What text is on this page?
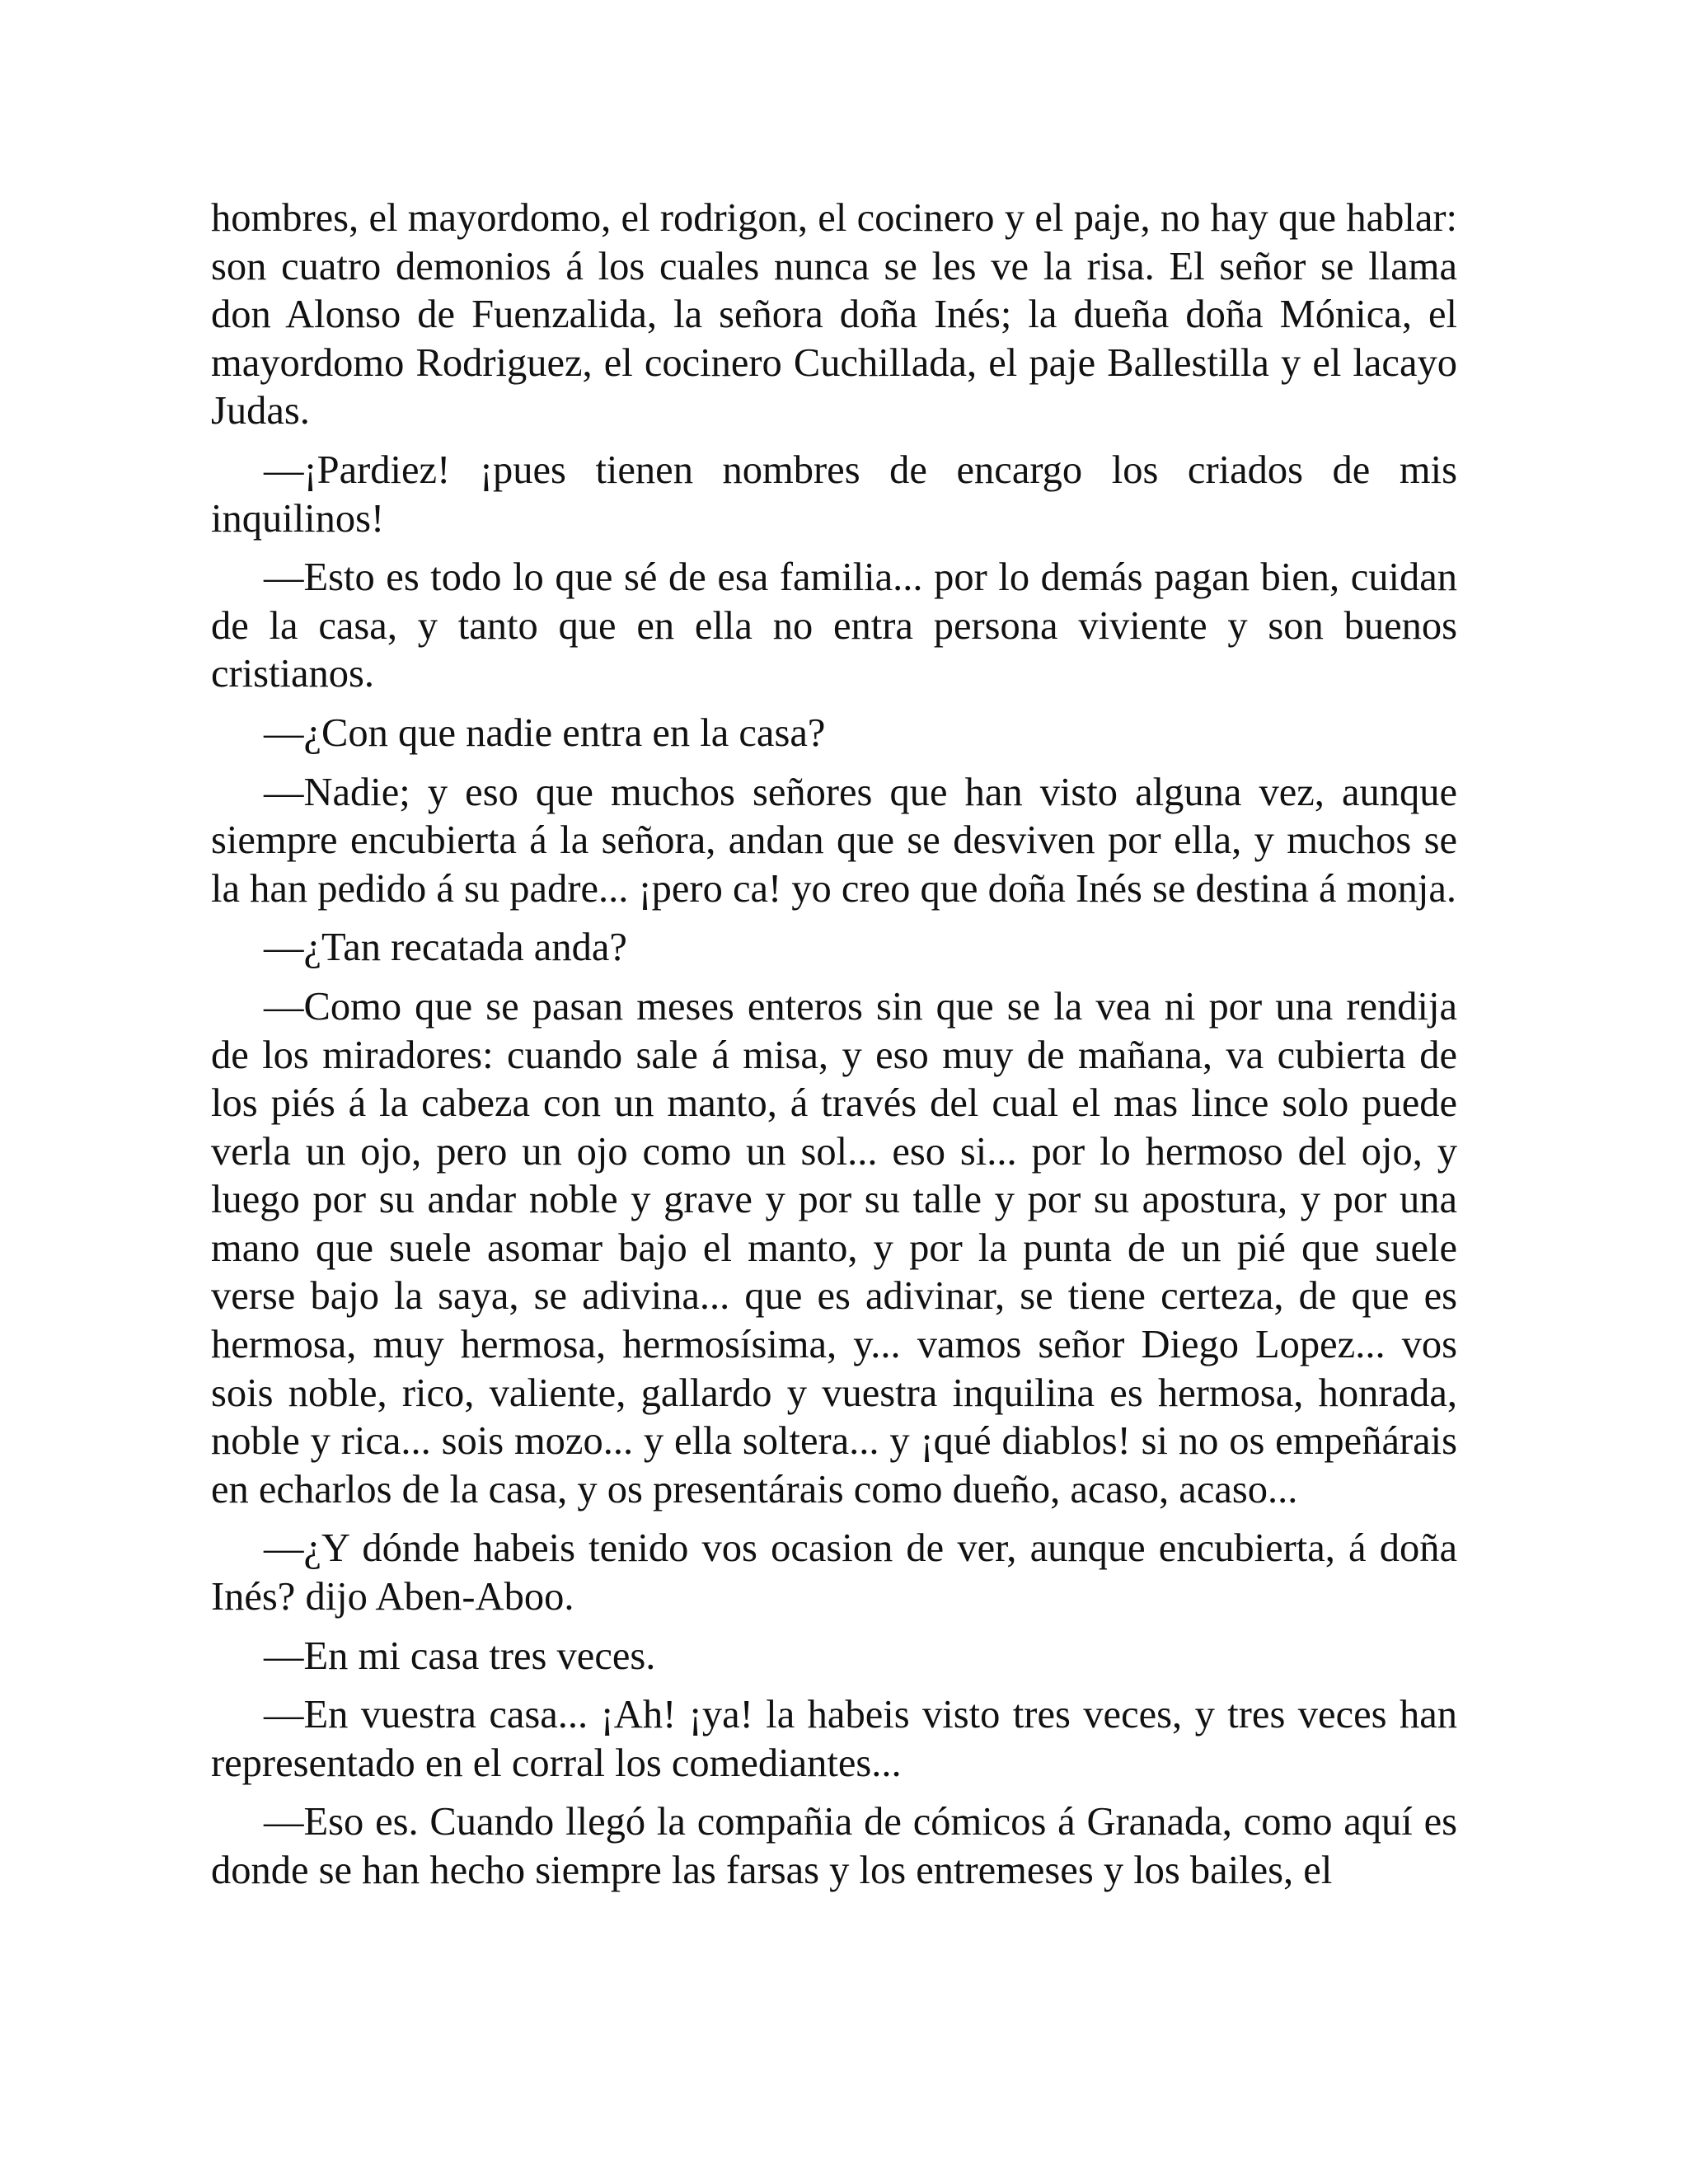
hombres, el mayordomo, el rodrigon, el cocinero y el paje, no hay que hablar: son cuatro demonios á los cuales nunca se les ve la risa. El señor se llama don Alonso de Fuenzalida, la señora doña Inés; la dueña doña Mónica, el mayordomo Rodriguez, el cocinero Cuchillada, el paje Ballestilla y el lacayo Judas.

—¡Pardiez! ¡pues tienen nombres de encargo los criados de mis inquilinos!

—Esto es todo lo que sé de esa familia... por lo demás pagan bien, cuidan de la casa, y tanto que en ella no entra persona viviente y son buenos cristianos.

—¿Con que nadie entra en la casa?

—Nadie; y eso que muchos señores que han visto alguna vez, aunque siempre encubierta á la señora, andan que se desviven por ella, y muchos se la han pedido á su padre... ¡pero ca! yo creo que doña Inés se destina á monja.

—¿Tan recatada anda?

—Como que se pasan meses enteros sin que se la vea ni por una rendija de los miradores: cuando sale á misa, y eso muy de mañana, va cubierta de los piés á la cabeza con un manto, á través del cual el mas lince solo puede verla un ojo, pero un ojo como un sol... eso si... por lo hermoso del ojo, y luego por su andar noble y grave y por su talle y por su apostura, y por una mano que suele asomar bajo el manto, y por la punta de un pié que suele verse bajo la saya, se adivina... que es adivinar, se tiene certeza, de que es hermosa, muy hermosa, hermosísima, y... vamos señor Diego Lopez... vos sois noble, rico, valiente, gallardo y vuestra inquilina es hermosa, honrada, noble y rica... sois mozo... y ella soltera... y ¡qué diablos! si no os empeñárais en echarlos de la casa, y os presentárais como dueño, acaso, acaso...

—¿Y dónde habeis tenido vos ocasion de ver, aunque encubierta, á doña Inés? dijo Aben-Aboo.

—En mi casa tres veces.

—En vuestra casa... ¡Ah! ¡ya! la habeis visto tres veces, y tres veces han representado en el corral los comediantes...

—Eso es. Cuando llegó la compañia de cómicos á Granada, como aquí es donde se han hecho siempre las farsas y los entremeses y los bailes, el
